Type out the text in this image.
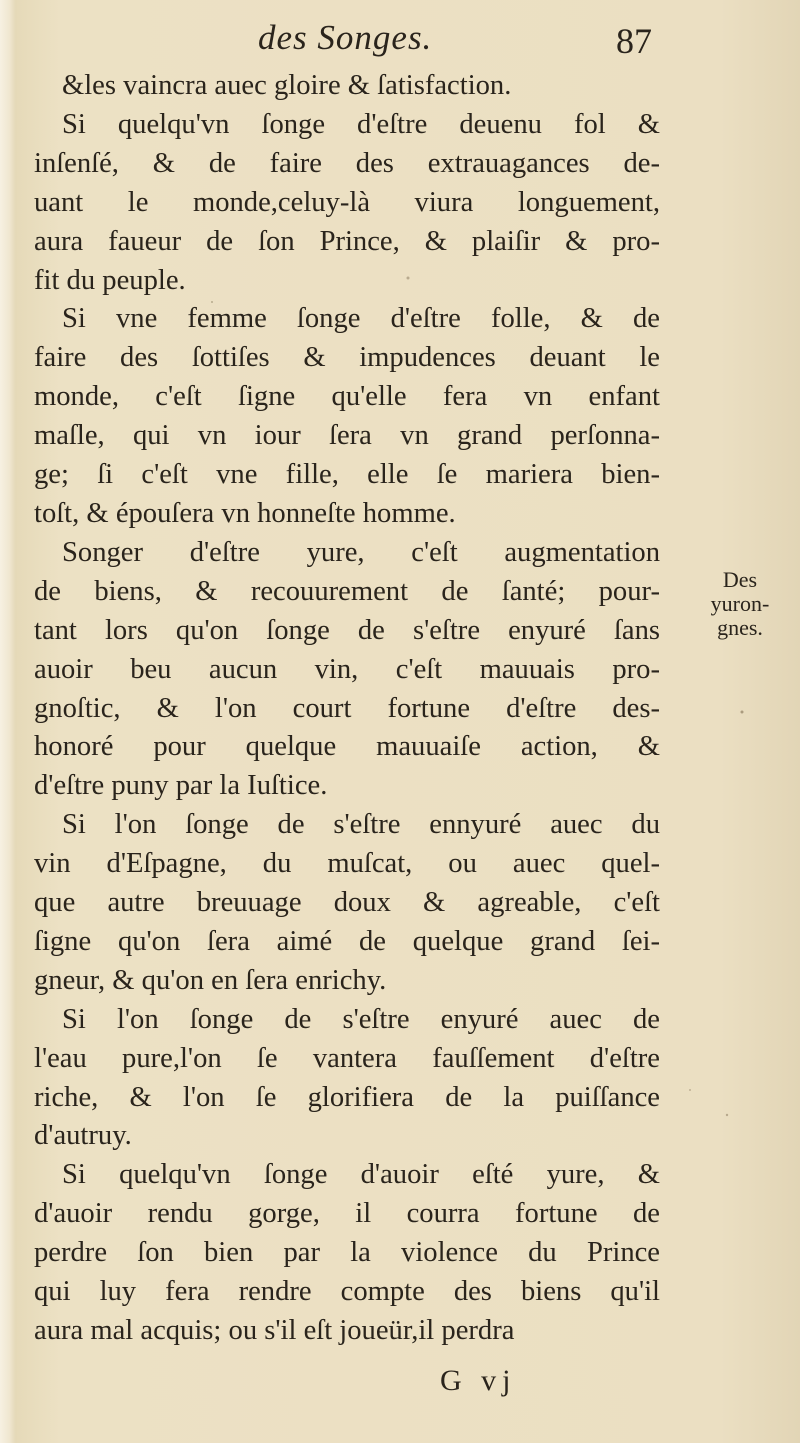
des Songes.	87
&les vaincra auec gloire & ſatisfaction.
Si quelqu'vn ſonge d'eſtre deuenu fol &
inſenſé, & de faire des extrauagances de-
uant le monde,celuy-là viura longuement,
aura faueur de ſon Prince, & plaiſir & pro-
fit du peuple.
Si vne femme ſonge d'eſtre folle, & de
faire des ſottiſes & impudences deuant le
monde, c'eſt ſigne qu'elle fera vn enfant
maſle, qui vn iour ſera vn grand perſonna-
ge; ſi c'eſt vne fille, elle ſe mariera bien-
toſt, & épouſera vn honneſte homme.
Songer d'eſtre yure, c'eſt augmentation
de biens, & recouurement de ſanté; pour-
tant lors qu'on ſonge de s'eſtre enyuré ſans
auoir beu aucun vin, c'eſt mauuais pro-
gnoſtic, & l'on court fortune d'eſtre des-
honoré pour quelque mauuaiſe action, &
d'eſtre puny par la Iuſtice.
Si l'on ſonge de s'eſtre ennyuré auec du
vin d'Eſpagne, du muſcat, ou auec quel-
que autre breuuage doux & agreable, c'eſt
ſigne qu'on ſera aimé de quelque grand ſei-
gneur, & qu'on en ſera enrichy.
Si l'on ſonge de s'eſtre enyuré auec de
l'eau pure,l'on ſe vantera fauſſement d'eſtre
riche, & l'on ſe glorifiera de la puiſſance
d'autruy.
Si quelqu'vn ſonge d'auoir eſté yure, &
d'auoir rendu gorge, il courra fortune de
perdre ſon bien par la violence du Prince
qui luy fera rendre compte des biens qu'il
aura mal acquis; ou s'il eſt joueür,il perdra
Des
yuron-
gnes.
G vj
